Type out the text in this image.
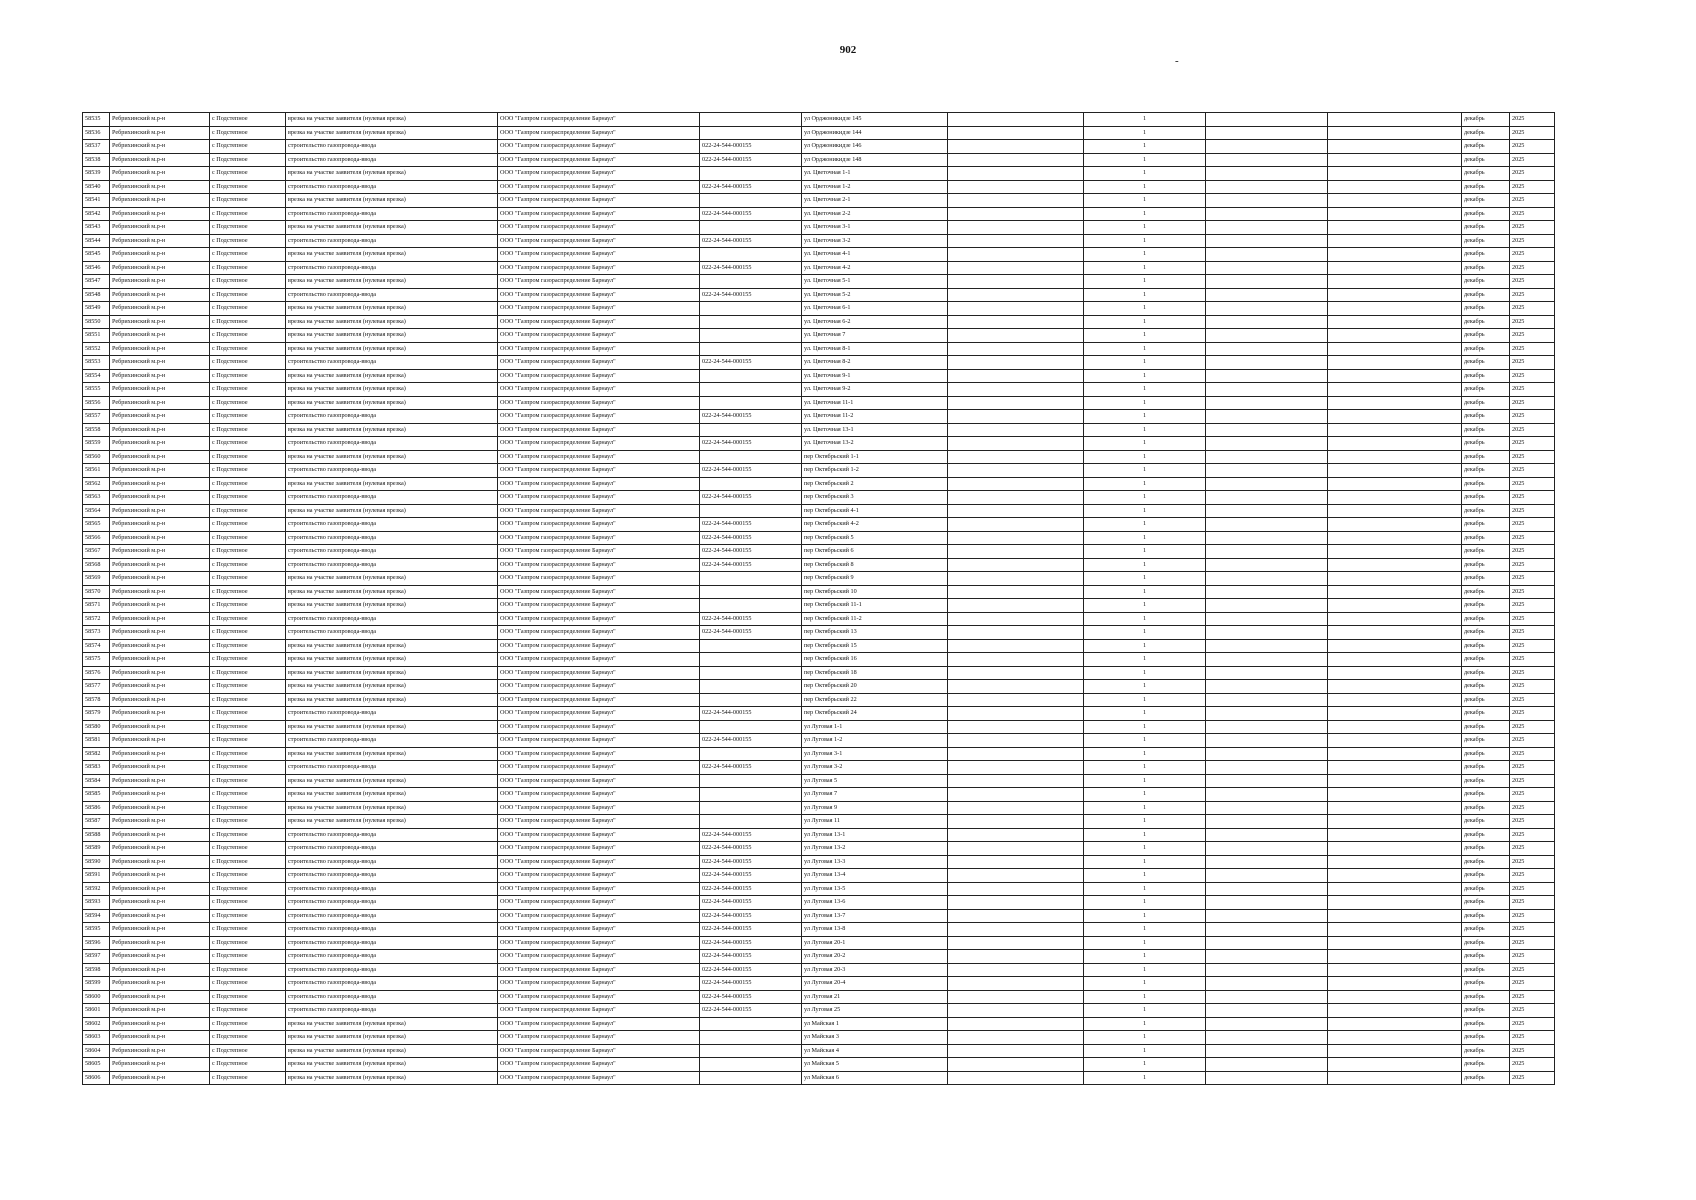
902
-
58535	Ребрихинский м.р-н	с Подстепное	врезка на участке заявителя (нулевая врезка)	ООО "Газпром газораспределение Барнаул"		ул Орджоникидзе 145		1			декабрь	2025
58536	Ребрихинский м.р-н	с Подстепное	врезка на участке заявителя (нулевая врезка)	ООО "Газпром газораспределение Барнаул"		ул Орджоникидзе 144		1			декабрь	2025
58537	Ребрихинский м.р-н	с Подстепное	строительство газопровода-ввода	ООО "Газпром газораспределение Барнаул"	022-24-544-000155	ул Орджоникидзе 146		1			декабрь	2025
58538	Ребрихинский м.р-н	с Подстепное	строительство газопровода-ввода	ООО "Газпром газораспределение Барнаул"	022-24-544-000155	ул Орджоникидзе 148		1			декабрь	2025
58539	Ребрихинский м.р-н	с Подстепное	врезка на участке заявителя (нулевая врезка)	ООО "Газпром газораспределение Барнаул"		ул. Цветочная 1-1		1			декабрь	2025
58540	Ребрихинский м.р-н	с Подстепное	строительство газопровода-ввода	ООО "Газпром газораспределение Барнаул"	022-24-544-000155	ул. Цветочная 1-2		1			декабрь	2025
58541	Ребрихинский м.р-н	с Подстепное	врезка на участке заявителя (нулевая врезка)	ООО "Газпром газораспределение Барнаул"		ул. Цветочная 2-1		1			декабрь	2025
58542	Ребрихинский м.р-н	с Подстепное	строительство газопровода-ввода	ООО "Газпром газораспределение Барнаул"	022-24-544-000155	ул. Цветочная 2-2		1			декабрь	2025
58543	Ребрихинский м.р-н	с Подстепное	врезка на участке заявителя (нулевая врезка)	ООО "Газпром газораспределение Барнаул"		ул. Цветочная 3-1		1			декабрь	2025
58544	Ребрихинский м.р-н	с Подстепное	строительство газопровода-ввода	ООО "Газпром газораспределение Барнаул"	022-24-544-000155	ул. Цветочная 3-2		1			декабрь	2025
58545	Ребрихинский м.р-н	с Подстепное	врезка на участке заявителя (нулевая врезка)	ООО "Газпром газораспределение Барнаул"		ул. Цветочная 4-1		1			декабрь	2025
58546	Ребрихинский м.р-н	с Подстепное	строительство газопровода-ввода	ООО "Газпром газораспределение Барнаул"	022-24-544-000155	ул. Цветочная 4-2		1			декабрь	2025
58547	Ребрихинский м.р-н	с Подстепное	врезка на участке заявителя (нулевая врезка)	ООО "Газпром газораспределение Барнаул"		ул. Цветочная 5-1		1			декабрь	2025
58548	Ребрихинский м.р-н	с Подстепное	строительство газопровода-ввода	ООО "Газпром газораспределение Барнаул"	022-24-544-000155	ул. Цветочная 5-2		1			декабрь	2025
58549	Ребрихинский м.р-н	с Подстепное	врезка на участке заявителя (нулевая врезка)	ООО "Газпром газораспределение Барнаул"		ул. Цветочная 6-1		1			декабрь	2025
58550	Ребрихинский м.р-н	с Подстепное	врезка на участке заявителя (нулевая врезка)	ООО "Газпром газораспределение Барнаул"		ул. Цветочная 6-2		1			декабрь	2025
58551	Ребрихинский м.р-н	с Подстепное	врезка на участке заявителя (нулевая врезка)	ООО "Газпром газораспределение Барнаул"		ул. Цветочная 7		1			декабрь	2025
58552	Ребрихинский м.р-н	с Подстепное	врезка на участке заявителя (нулевая врезка)	ООО "Газпром газораспределение Барнаул"		ул. Цветочная 8-1		1			декабрь	2025
58553	Ребрихинский м.р-н	с Подстепное	строительство газопровода-ввода	ООО "Газпром газораспределение Барнаул"	022-24-544-000155	ул. Цветочная 8-2		1			декабрь	2025
58554	Ребрихинский м.р-н	с Подстепное	врезка на участке заявителя (нулевая врезка)	ООО "Газпром газораспределение Барнаул"		ул. Цветочная 9-1		1			декабрь	2025
58555	Ребрихинский м.р-н	с Подстепное	врезка на участке заявителя (нулевая врезка)	ООО "Газпром газораспределение Барнаул"		ул. Цветочная 9-2		1			декабрь	2025
58556	Ребрихинский м.р-н	с Подстепное	врезка на участке заявителя (нулевая врезка)	ООО "Газпром газораспределение Барнаул"		ул. Цветочная 11-1		1			декабрь	2025
58557	Ребрихинский м.р-н	с Подстепное	строительство газопровода-ввода	ООО "Газпром газораспределение Барнаул"	022-24-544-000155	ул. Цветочная 11-2		1			декабрь	2025
58558	Ребрихинский м.р-н	с Подстепное	врезка на участке заявителя (нулевая врезка)	ООО "Газпром газораспределение Барнаул"		ул. Цветочная 13-1		1			декабрь	2025
58559	Ребрихинский м.р-н	с Подстепное	строительство газопровода-ввода	ООО "Газпром газораспределение Барнаул"	022-24-544-000155	ул. Цветочная 13-2		1			декабрь	2025
58560	Ребрихинский м.р-н	с Подстепное	врезка на участке заявителя (нулевая врезка)	ООО "Газпром газораспределение Барнаул"		пер Октябрьский 1-1		1			декабрь	2025
58561	Ребрихинский м.р-н	с Подстепное	строительство газопровода-ввода	ООО "Газпром газораспределение Барнаул"	022-24-544-000155	пер Октябрьский 1-2		1			декабрь	2025
58562	Ребрихинский м.р-н	с Подстепное	врезка на участке заявителя (нулевая врезка)	ООО "Газпром газораспределение Барнаул"		пер Октябрьский 2		1			декабрь	2025
58563	Ребрихинский м.р-н	с Подстепное	строительство газопровода-ввода	ООО "Газпром газораспределение Барнаул"	022-24-544-000155	пер Октябрьский 3		1			декабрь	2025
58564	Ребрихинский м.р-н	с Подстепное	врезка на участке заявителя (нулевая врезка)	ООО "Газпром газораспределение Барнаул"		пер Октябрьский 4-1		1			декабрь	2025
58565	Ребрихинский м.р-н	с Подстепное	строительство газопровода-ввода	ООО "Газпром газораспределение Барнаул"	022-24-544-000155	пер Октябрьский 4-2		1			декабрь	2025
58566	Ребрихинский м.р-н	с Подстепное	строительство газопровода-ввода	ООО "Газпром газораспределение Барнаул"	022-24-544-000155	пер Октябрьский 5		1			декабрь	2025
58567	Ребрихинский м.р-н	с Подстепное	строительство газопровода-ввода	ООО "Газпром газораспределение Барнаул"	022-24-544-000155	пер Октябрьский 6		1			декабрь	2025
58568	Ребрихинский м.р-н	с Подстепное	строительство газопровода-ввода	ООО "Газпром газораспределение Барнаул"	022-24-544-000155	пер Октябрьский 8		1			декабрь	2025
58569	Ребрихинский м.р-н	с Подстепное	врезка на участке заявителя (нулевая врезка)	ООО "Газпром газораспределение Барнаул"		пер Октябрьский 9		1			декабрь	2025
58570	Ребрихинский м.р-н	с Подстепное	врезка на участке заявителя (нулевая врезка)	ООО "Газпром газораспределение Барнаул"		пер Октябрьский 10		1			декабрь	2025
58571	Ребрихинский м.р-н	с Подстепное	врезка на участке заявителя (нулевая врезка)	ООО "Газпром газораспределение Барнаул"		пер Октябрьский 11-1		1			декабрь	2025
58572	Ребрихинский м.р-н	с Подстепное	строительство газопровода-ввода	ООО "Газпром газораспределение Барнаул"	022-24-544-000155	пер Октябрьский 11-2		1			декабрь	2025
58573	Ребрихинский м.р-н	с Подстепное	строительство газопровода-ввода	ООО "Газпром газораспределение Барнаул"	022-24-544-000155	пер Октябрьский 13		1			декабрь	2025
58574	Ребрихинский м.р-н	с Подстепное	врезка на участке заявителя (нулевая врезка)	ООО "Газпром газораспределение Барнаул"		пер Октябрьский 15		1			декабрь	2025
58575	Ребрихинский м.р-н	с Подстепное	врезка на участке заявителя (нулевая врезка)	ООО "Газпром газораспределение Барнаул"		пер Октябрьский 16		1			декабрь	2025
58576	Ребрихинский м.р-н	с Подстепное	врезка на участке заявителя (нулевая врезка)	ООО "Газпром газораспределение Барнаул"		пер Октябрьский 18		1			декабрь	2025
58577	Ребрихинский м.р-н	с Подстепное	врезка на участке заявителя (нулевая врезка)	ООО "Газпром газораспределение Барнаул"		пер Октябрьский 20		1			декабрь	2025
58578	Ребрихинский м.р-н	с Подстепное	врезка на участке заявителя (нулевая врезка)	ООО "Газпром газораспределение Барнаул"		пер Октябрьский 22		1			декабрь	2025
58579	Ребрихинский м.р-н	с Подстепное	строительство газопровода-ввода	ООО "Газпром газораспределение Барнаул"	022-24-544-000155	пер Октябрьский 24		1			декабрь	2025
58580	Ребрихинский м.р-н	с Подстепное	врезка на участке заявителя (нулевая врезка)	ООО "Газпром газораспределение Барнаул"		ул Луговая 1-1		1			декабрь	2025
58581	Ребрихинский м.р-н	с Подстепное	строительство газопровода-ввода	ООО "Газпром газораспределение Барнаул"	022-24-544-000155	ул Луговая 1-2		1			декабрь	2025
58582	Ребрихинский м.р-н	с Подстепное	врезка на участке заявителя (нулевая врезка)	ООО "Газпром газораспределение Барнаул"		ул Луговая 3-1		1			декабрь	2025
58583	Ребрихинский м.р-н	с Подстепное	строительство газопровода-ввода	ООО "Газпром газораспределение Барнаул"	022-24-544-000155	ул Луговая 3-2		1			декабрь	2025
58584	Ребрихинский м.р-н	с Подстепное	врезка на участке заявителя (нулевая врезка)	ООО "Газпром газораспределение Барнаул"		ул Луговая 5		1			декабрь	2025
58585	Ребрихинский м.р-н	с Подстепное	врезка на участке заявителя (нулевая врезка)	ООО "Газпром газораспределение Барнаул"		ул Луговая 7		1			декабрь	2025
58586	Ребрихинский м.р-н	с Подстепное	врезка на участке заявителя (нулевая врезка)	ООО "Газпром газораспределение Барнаул"		ул Луговая 9		1			декабрь	2025
58587	Ребрихинский м.р-н	с Подстепное	врезка на участке заявителя (нулевая врезка)	ООО "Газпром газораспределение Барнаул"		ул Луговая 11		1			декабрь	2025
58588	Ребрихинский м.р-н	с Подстепное	строительство газопровода-ввода	ООО "Газпром газораспределение Барнаул"	022-24-544-000155	ул Луговая 13-1		1			декабрь	2025
58589	Ребрихинский м.р-н	с Подстепное	строительство газопровода-ввода	ООО "Газпром газораспределение Барнаул"	022-24-544-000155	ул Луговая 13-2		1			декабрь	2025
58590	Ребрихинский м.р-н	с Подстепное	строительство газопровода-ввода	ООО "Газпром газораспределение Барнаул"	022-24-544-000155	ул Луговая 13-3		1			декабрь	2025
58591	Ребрихинский м.р-н	с Подстепное	строительство газопровода-ввода	ООО "Газпром газораспределение Барнаул"	022-24-544-000155	ул Луговая 13-4		1			декабрь	2025
58592	Ребрихинский м.р-н	с Подстепное	строительство газопровода-ввода	ООО "Газпром газораспределение Барнаул"	022-24-544-000155	ул Луговая 13-5		1			декабрь	2025
58593	Ребрихинский м.р-н	с Подстепное	строительство газопровода-ввода	ООО "Газпром газораспределение Барнаул"	022-24-544-000155	ул Луговая 13-6		1			декабрь	2025
58594	Ребрихинский м.р-н	с Подстепное	строительство газопровода-ввода	ООО "Газпром газораспределение Барнаул"	022-24-544-000155	ул Луговая 13-7		1			декабрь	2025
58595	Ребрихинский м.р-н	с Подстепное	строительство газопровода-ввода	ООО "Газпром газораспределение Барнаул"	022-24-544-000155	ул Луговая 13-8		1			декабрь	2025
58596	Ребрихинский м.р-н	с Подстепное	строительство газопровода-ввода	ООО "Газпром газораспределение Барнаул"	022-24-544-000155	ул Луговая 20-1		1			декабрь	2025
58597	Ребрихинский м.р-н	с Подстепное	строительство газопровода-ввода	ООО "Газпром газораспределение Барнаул"	022-24-544-000155	ул Луговая 20-2		1			декабрь	2025
58598	Ребрихинский м.р-н	с Подстепное	строительство газопровода-ввода	ООО "Газпром газораспределение Барнаул"	022-24-544-000155	ул Луговая 20-3		1			декабрь	2025
58599	Ребрихинский м.р-н	с Подстепное	строительство газопровода-ввода	ООО "Газпром газораспределение Барнаул"	022-24-544-000155	ул Луговая 20-4		1			декабрь	2025
58600	Ребрихинский м.р-н	с Подстепное	строительство газопровода-ввода	ООО "Газпром газораспределение Барнаул"	022-24-544-000155	ул Луговая 21		1			декабрь	2025
58601	Ребрихинский м.р-н	с Подстепное	строительство газопровода-ввода	ООО "Газпром газораспределение Барнаул"	022-24-544-000155	ул Луговая 25		1			декабрь	2025
58602	Ребрихинский м.р-н	с Подстепное	врезка на участке заявителя (нулевая врезка)	ООО "Газпром газораспределение Барнаул"		ул Майская 1		1			декабрь	2025
58603	Ребрихинский м.р-н	с Подстепное	врезка на участке заявителя (нулевая врезка)	ООО "Газпром газораспределение Барнаул"		ул Майская 3		1			декабрь	2025
58604	Ребрихинский м.р-н	с Подстепное	врезка на участке заявителя (нулевая врезка)	ООО "Газпром газораспределение Барнаул"		ул Майская 4		1			декабрь	2025
58605	Ребрихинский м.р-н	с Подстепное	врезка на участке заявителя (нулевая врезка)	ООО "Газпром газораспределение Барнаул"		ул Майская 5		1			декабрь	2025
58606	Ребрихинский м.р-н	с Подстепное	врезка на участке заявителя (нулевая врезка)	ООО "Газпром газораспределение Барнаул"		ул Майская 6		1			декабрь	2025
